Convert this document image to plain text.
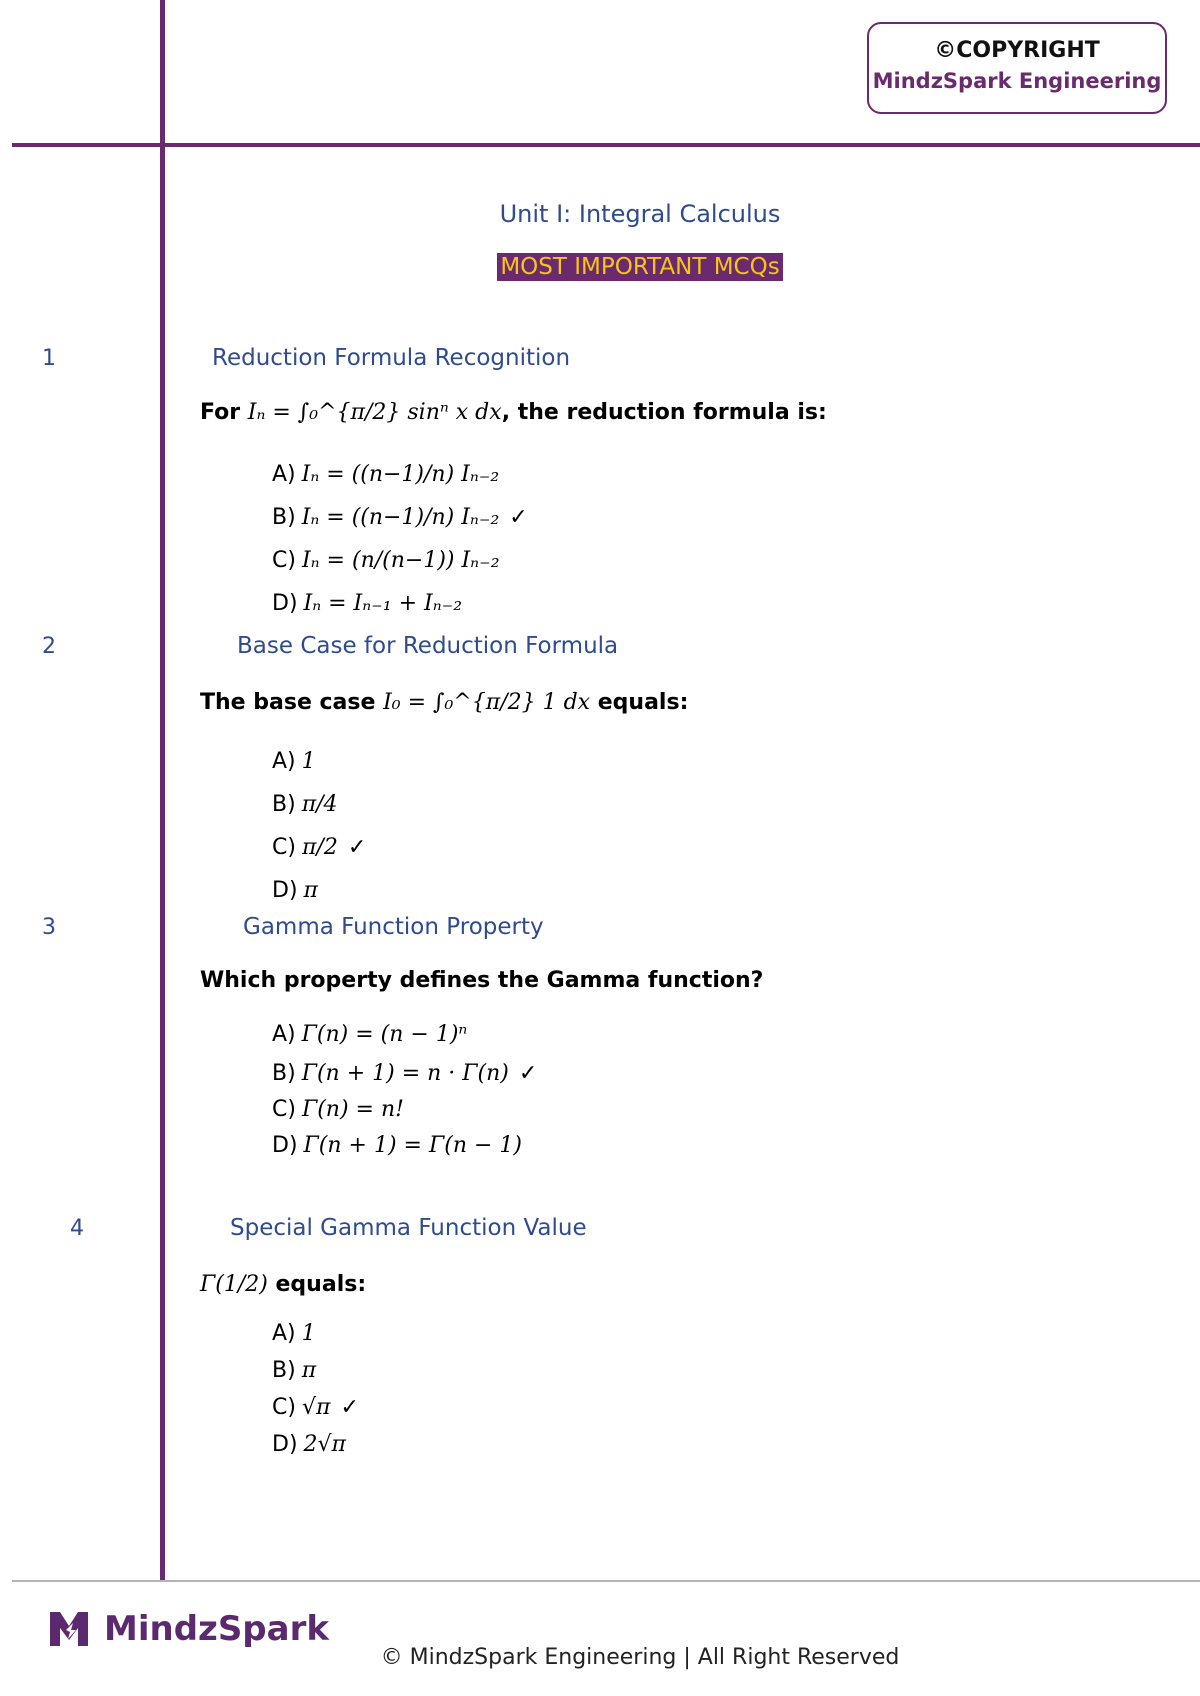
©COPYRIGHT
MindzSpark Engineering
Unit I: Integral Calculus
MOST IMPORTANT MCQs
1	Reduction Formula Recognition
For Iₙ = ∫₀^{π/2} sinⁿ x dx, the reduction formula is:
A) Iₙ = ((n−1)/n) Iₙ₋₂
B) Iₙ = ((n−1)/n) Iₙ₋₂ ✓
C) Iₙ = (n/(n−1)) Iₙ₋₂
D) Iₙ = Iₙ₋₁ + Iₙ₋₂
2	Base Case for Reduction Formula
The base case I₀ = ∫₀^{π/2} 1 dx equals:
A) 1
B) π/4
C) π/2 ✓
D) π
3	Gamma Function Property
Which property defines the Gamma function?
A) Γ(n) = (n − 1)ⁿ
B) Γ(n + 1) = n · Γ(n) ✓
C) Γ(n) = n!
D) Γ(n + 1) = Γ(n − 1)
4	Special Gamma Function Value
Γ(1/2) equals:
A) 1
B) π
C) √π ✓
D) 2√π
MindzSpark
© MindzSpark Engineering | All Right Reserved
